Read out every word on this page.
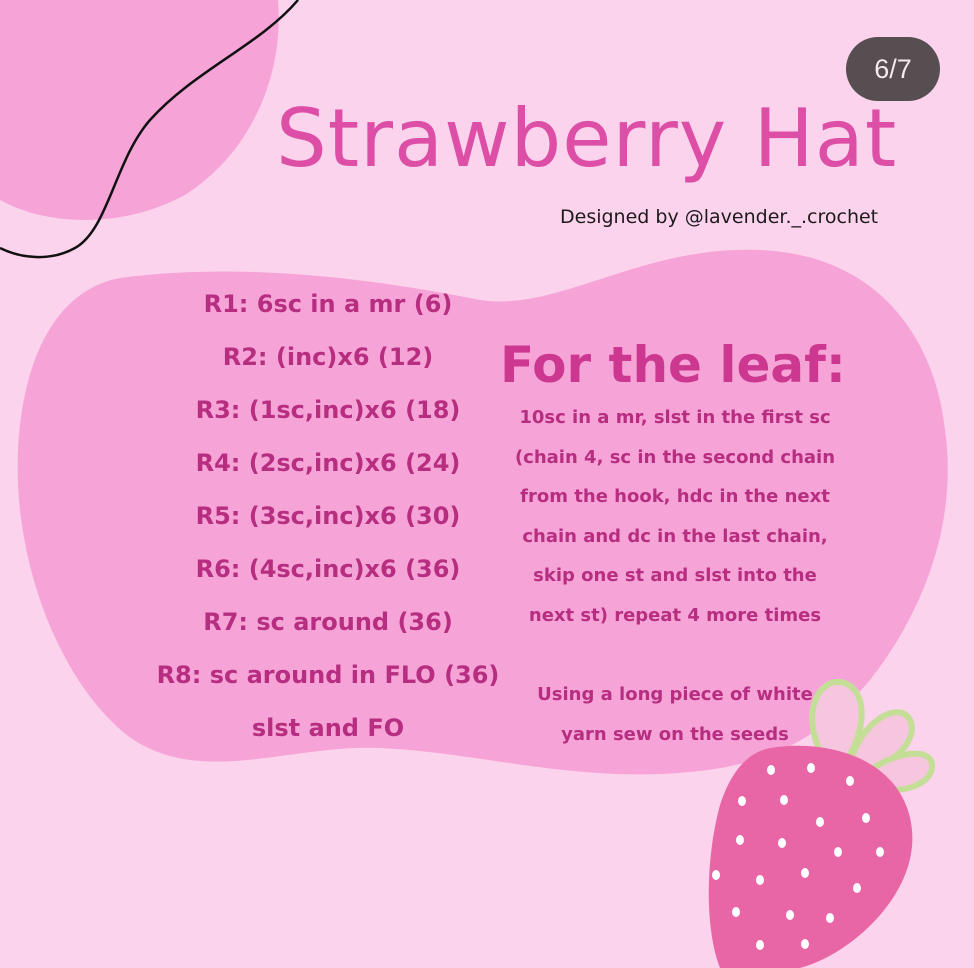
6/7
Strawberry Hat
Designed by @lavender._.crochet
R1: 6sc in a mr (6)
R2: (inc)x6 (12)
R3: (1sc,inc)x6 (18)
R4: (2sc,inc)x6 (24)
R5: (3sc,inc)x6 (30)
R6: (4sc,inc)x6 (36)
R7: sc around (36)
R8: sc around in FLO (36)
slst and FO
For the leaf:
10sc in a mr, slst in the first sc
(chain 4, sc in the second chain
from the hook, hdc in the next
chain and dc in the last chain,
skip one st and slst into the
next st) repeat 4 more times
Using a long piece of white
yarn sew on the seeds
